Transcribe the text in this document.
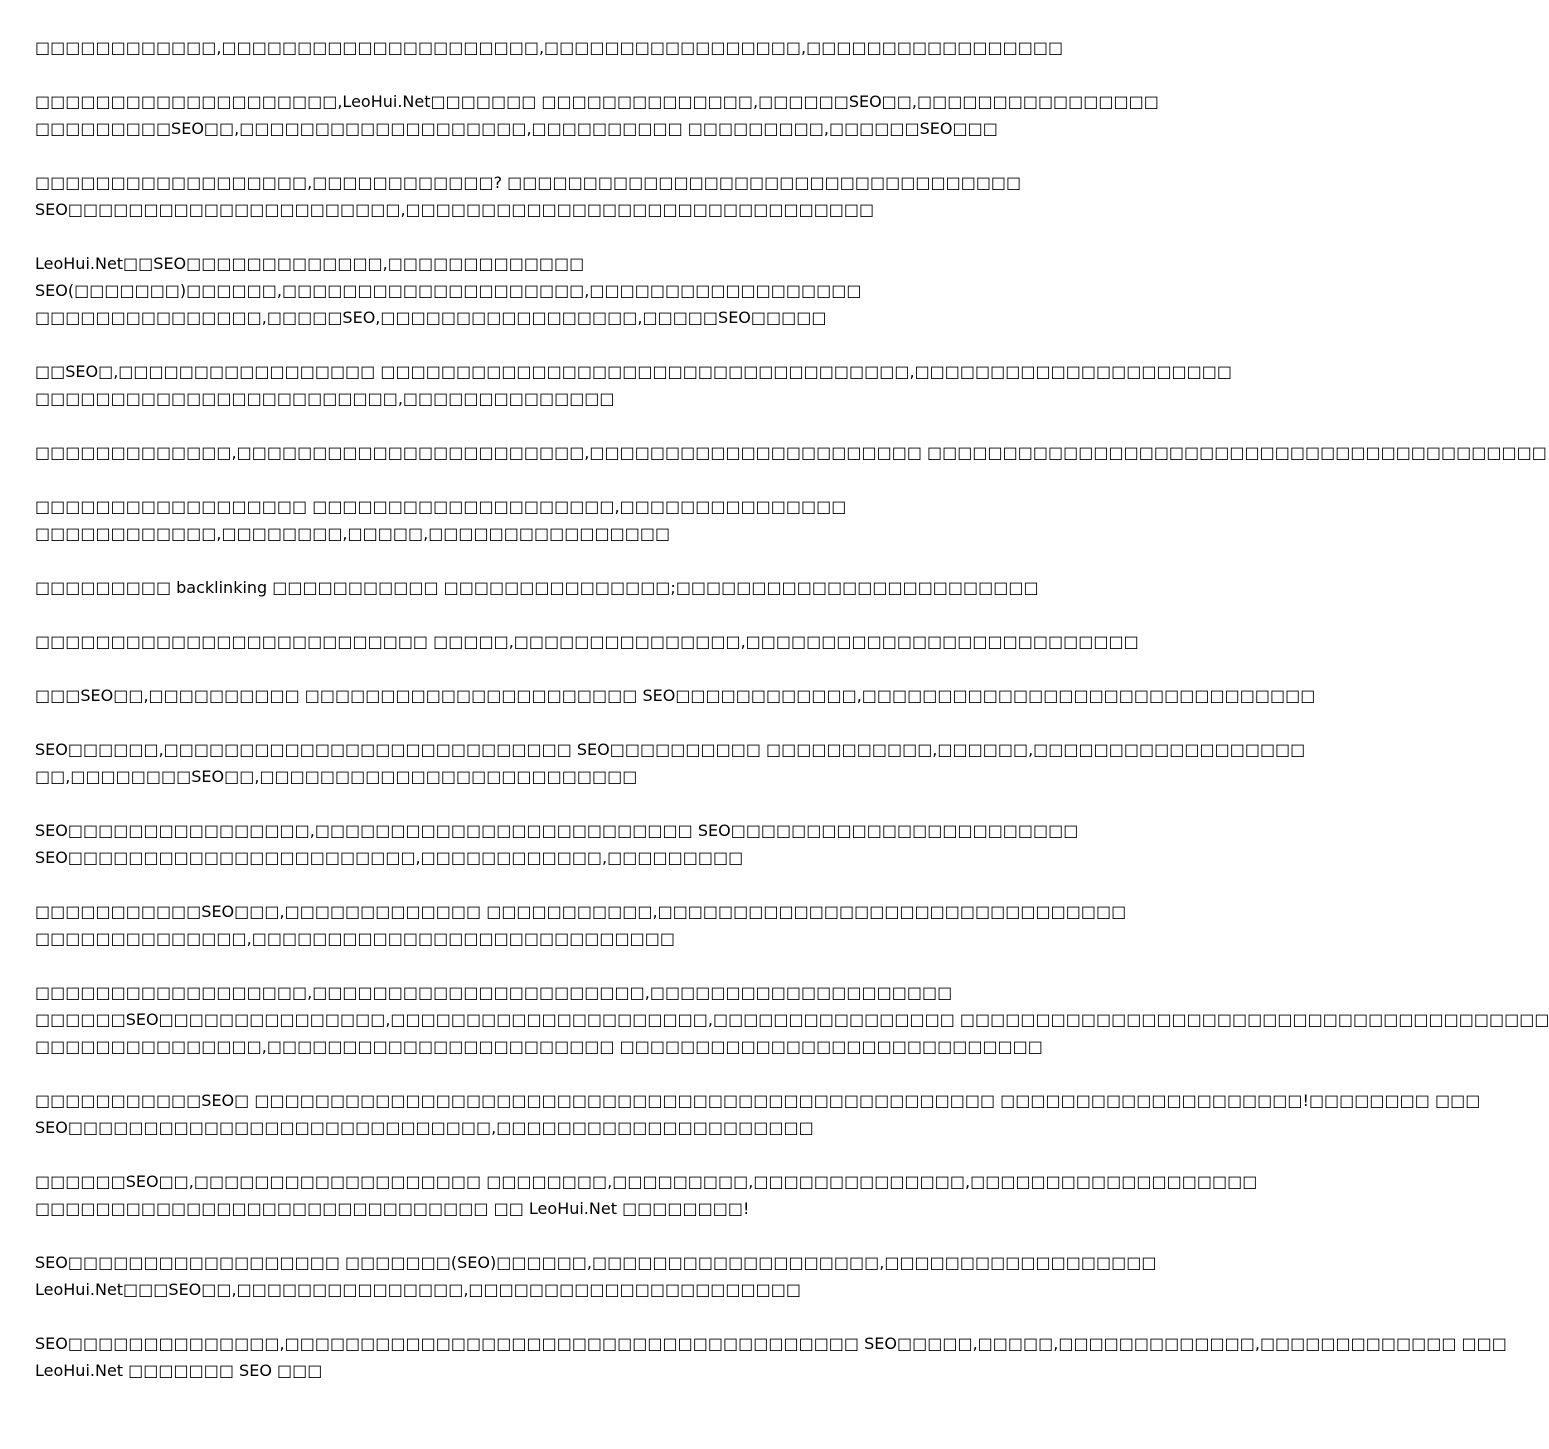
□□□□□□□□□□□□,□□□□□□□□□□□□□□□□□□□□□,□□□□□□□□□□□□□□□□□,□□□□□□□□□□□□□□□□□

□□□□□□□□□□□□□□□□□□□□,LeoHui.Net□□□□□□□ □□□□□□□□□□□□□□,□□□□□□SEO□□,□□□□□□□□□□□□□□□□
□□□□□□□□□SEO□□,□□□□□□□□□□□□□□□□□□□,□□□□□□□□□□ □□□□□□□□□,□□□□□□SEO□□□

□□□□□□□□□□□□□□□□□□,□□□□□□□□□□□□? □□□□□□□□□□□□□□□□□□□□□□□□□□□□□□□□□□
SEO□□□□□□□□□□□□□□□□□□□□□□,□□□□□□□□□□□□□□□□□□□□□□□□□□□□□□□

LeoHui.Net□□SEO□□□□□□□□□□□□□,□□□□□□□□□□□□□
SEO(□□□□□□□)□□□□□□,□□□□□□□□□□□□□□□□□□□□,□□□□□□□□□□□□□□□□□□
□□□□□□□□□□□□□□□,□□□□□SEO,□□□□□□□□□□□□□□□□□,□□□□□SEO□□□□□

□□SEO□,□□□□□□□□□□□□□□□□□ □□□□□□□□□□□□□□□□□□□□□□□□□□□□□□□□□□□,□□□□□□□□□□□□□□□□□□□□□
□□□□□□□□□□□□□□□□□□□□□□□□,□□□□□□□□□□□□□□

□□□□□□□□□□□□□,□□□□□□□□□□□□□□□□□□□□□□□,□□□□□□□□□□□□□□□□□□□□□□ □□□□□□□□□□□□□□□□□□□□□□□□□□□□□□□□□□□□□□□□□

□□□□□□□□□□□□□□□□□□ □□□□□□□□□□□□□□□□□□□□,□□□□□□□□□□□□□□□
□□□□□□□□□□□□,□□□□□□□□,□□□□□,□□□□□□□□□□□□□□□□

□□□□□□□□□ backlinking □□□□□□□□□□□ □□□□□□□□□□□□□□□;□□□□□□□□□□□□□□□□□□□□□□□□

□□□□□□□□□□□□□□□□□□□□□□□□□□ □□□□□,□□□□□□□□□□□□□□□,□□□□□□□□□□□□□□□□□□□□□□□□□□

□□□SEO□□,□□□□□□□□□□ □□□□□□□□□□□□□□□□□□□□□□ SEO□□□□□□□□□□□□,□□□□□□□□□□□□□□□□□□□□□□□□□□□□□□

SEO□□□□□□,□□□□□□□□□□□□□□□□□□□□□□□□□□□ SEO□□□□□□□□□□ □□□□□□□□□□□,□□□□□□,□□□□□□□□□□□□□□□□□□
□□,□□□□□□□□SEO□□,□□□□□□□□□□□□□□□□□□□□□□□□□

SEO□□□□□□□□□□□□□□□□,□□□□□□□□□□□□□□□□□□□□□□□□□ SEO□□□□□□□□□□□□□□□□□□□□□□□
SEO□□□□□□□□□□□□□□□□□□□□□□□,□□□□□□□□□□□□,□□□□□□□□□

□□□□□□□□□□□SEO□□□,□□□□□□□□□□□□□ □□□□□□□□□□□,□□□□□□□□□□□□□□□□□□□□□□□□□□□□□□□
□□□□□□□□□□□□□□,□□□□□□□□□□□□□□□□□□□□□□□□□□□□

□□□□□□□□□□□□□□□□□□,□□□□□□□□□□□□□□□□□□□□□□,□□□□□□□□□□□□□□□□□□□□
□□□□□□SEO□□□□□□□□□□□□□□□,□□□□□□□□□□□□□□□□□□□□□,□□□□□□□□□□□□□□□□ □□□□□□□□□□□□□□□□□□□□□□□□□□□□□□□□□□□□□□□
□□□□□□□□□□□□□□□,□□□□□□□□□□□□□□□□□□□□□□□ □□□□□□□□□□□□□□□□□□□□□□□□□□□□

□□□□□□□□□□□SEO□ □□□□□□□□□□□□□□□□□□□□□□□□□□□□□□□□□□□□□□□□□□□□□□□□□ □□□□□□□□□□□□□□□□□□□□!□□□□□□□□ □□□
SEO□□□□□□□□□□□□□□□□□□□□□□□□□□□□,□□□□□□□□□□□□□□□□□□□□□

□□□□□□SEO□□,□□□□□□□□□□□□□□□□□□□ □□□□□□□□,□□□□□□□□□,□□□□□□□□□□□□□□,□□□□□□□□□□□□□□□□□□□
□□□□□□□□□□□□□□□□□□□□□□□□□□□□□□ □□ LeoHui.Net □□□□□□□□!

SEO□□□□□□□□□□□□□□□□□□ □□□□□□□(SEO)□□□□□□,□□□□□□□□□□□□□□□□□□□,□□□□□□□□□□□□□□□□□□
LeoHui.Net□□□SEO□□,□□□□□□□□□□□□□□□,□□□□□□□□□□□□□□□□□□□□□□

SEO□□□□□□□□□□□□□□,□□□□□□□□□□□□□□□□□□□□□□□□□□□□□□□□□□□□□□ SEO□□□□□,□□□□□,□□□□□□□□□□□□□,□□□□□□□□□□□□□ □□□
LeoHui.Net □□□□□□□ SEO □□□
